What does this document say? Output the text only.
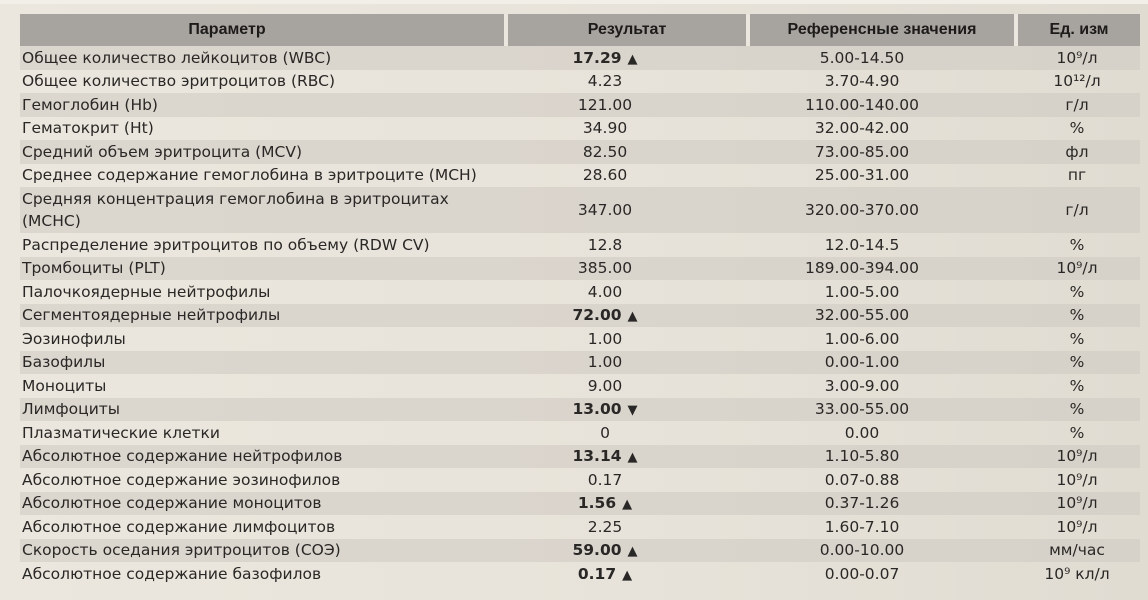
Параметр	Результат	Референсные значения	Ед. изм
Общее количество лейкоцитов (WBC)	17.29 ▲	5.00-14.50	10⁹/л
Общее количество эритроцитов (RBC)	4.23	3.70-4.90	10¹²/л
Гемоглобин (Hb)	121.00	110.00-140.00	г/л
Гематокрит (Ht)	34.90	32.00-42.00	%
Средний объем эритроцита (MCV)	82.50	73.00-85.00	фл
Среднее содержание гемоглобина в эритроците (MCH)	28.60	25.00-31.00	пг
Средняя концентрация гемоглобина в эритроцитах (MCHC)	347.00	320.00-370.00	г/л
Распределение эритроцитов по объему (RDW CV)	12.8	12.0-14.5	%
Тромбоциты (PLT)	385.00	189.00-394.00	10⁹/л
Палочкоядерные нейтрофилы	4.00	1.00-5.00	%
Сегментоядерные нейтрофилы	72.00 ▲	32.00-55.00	%
Эозинофилы	1.00	1.00-6.00	%
Базофилы	1.00	0.00-1.00	%
Моноциты	9.00	3.00-9.00	%
Лимфоциты	13.00 ▼	33.00-55.00	%
Плазматические клетки	0	0.00	%
Абсолютное содержание нейтрофилов	13.14 ▲	1.10-5.80	10⁹/л
Абсолютное содержание эозинофилов	0.17	0.07-0.88	10⁹/л
Абсолютное содержание моноцитов	1.56 ▲	0.37-1.26	10⁹/л
Абсолютное содержание лимфоцитов	2.25	1.60-7.10	10⁹/л
Скорость оседания эритроцитов (СОЭ)	59.00 ▲	0.00-10.00	мм/час
Абсолютное содержание базофилов	0.17 ▲	0.00-0.07	10⁹ кл/л
